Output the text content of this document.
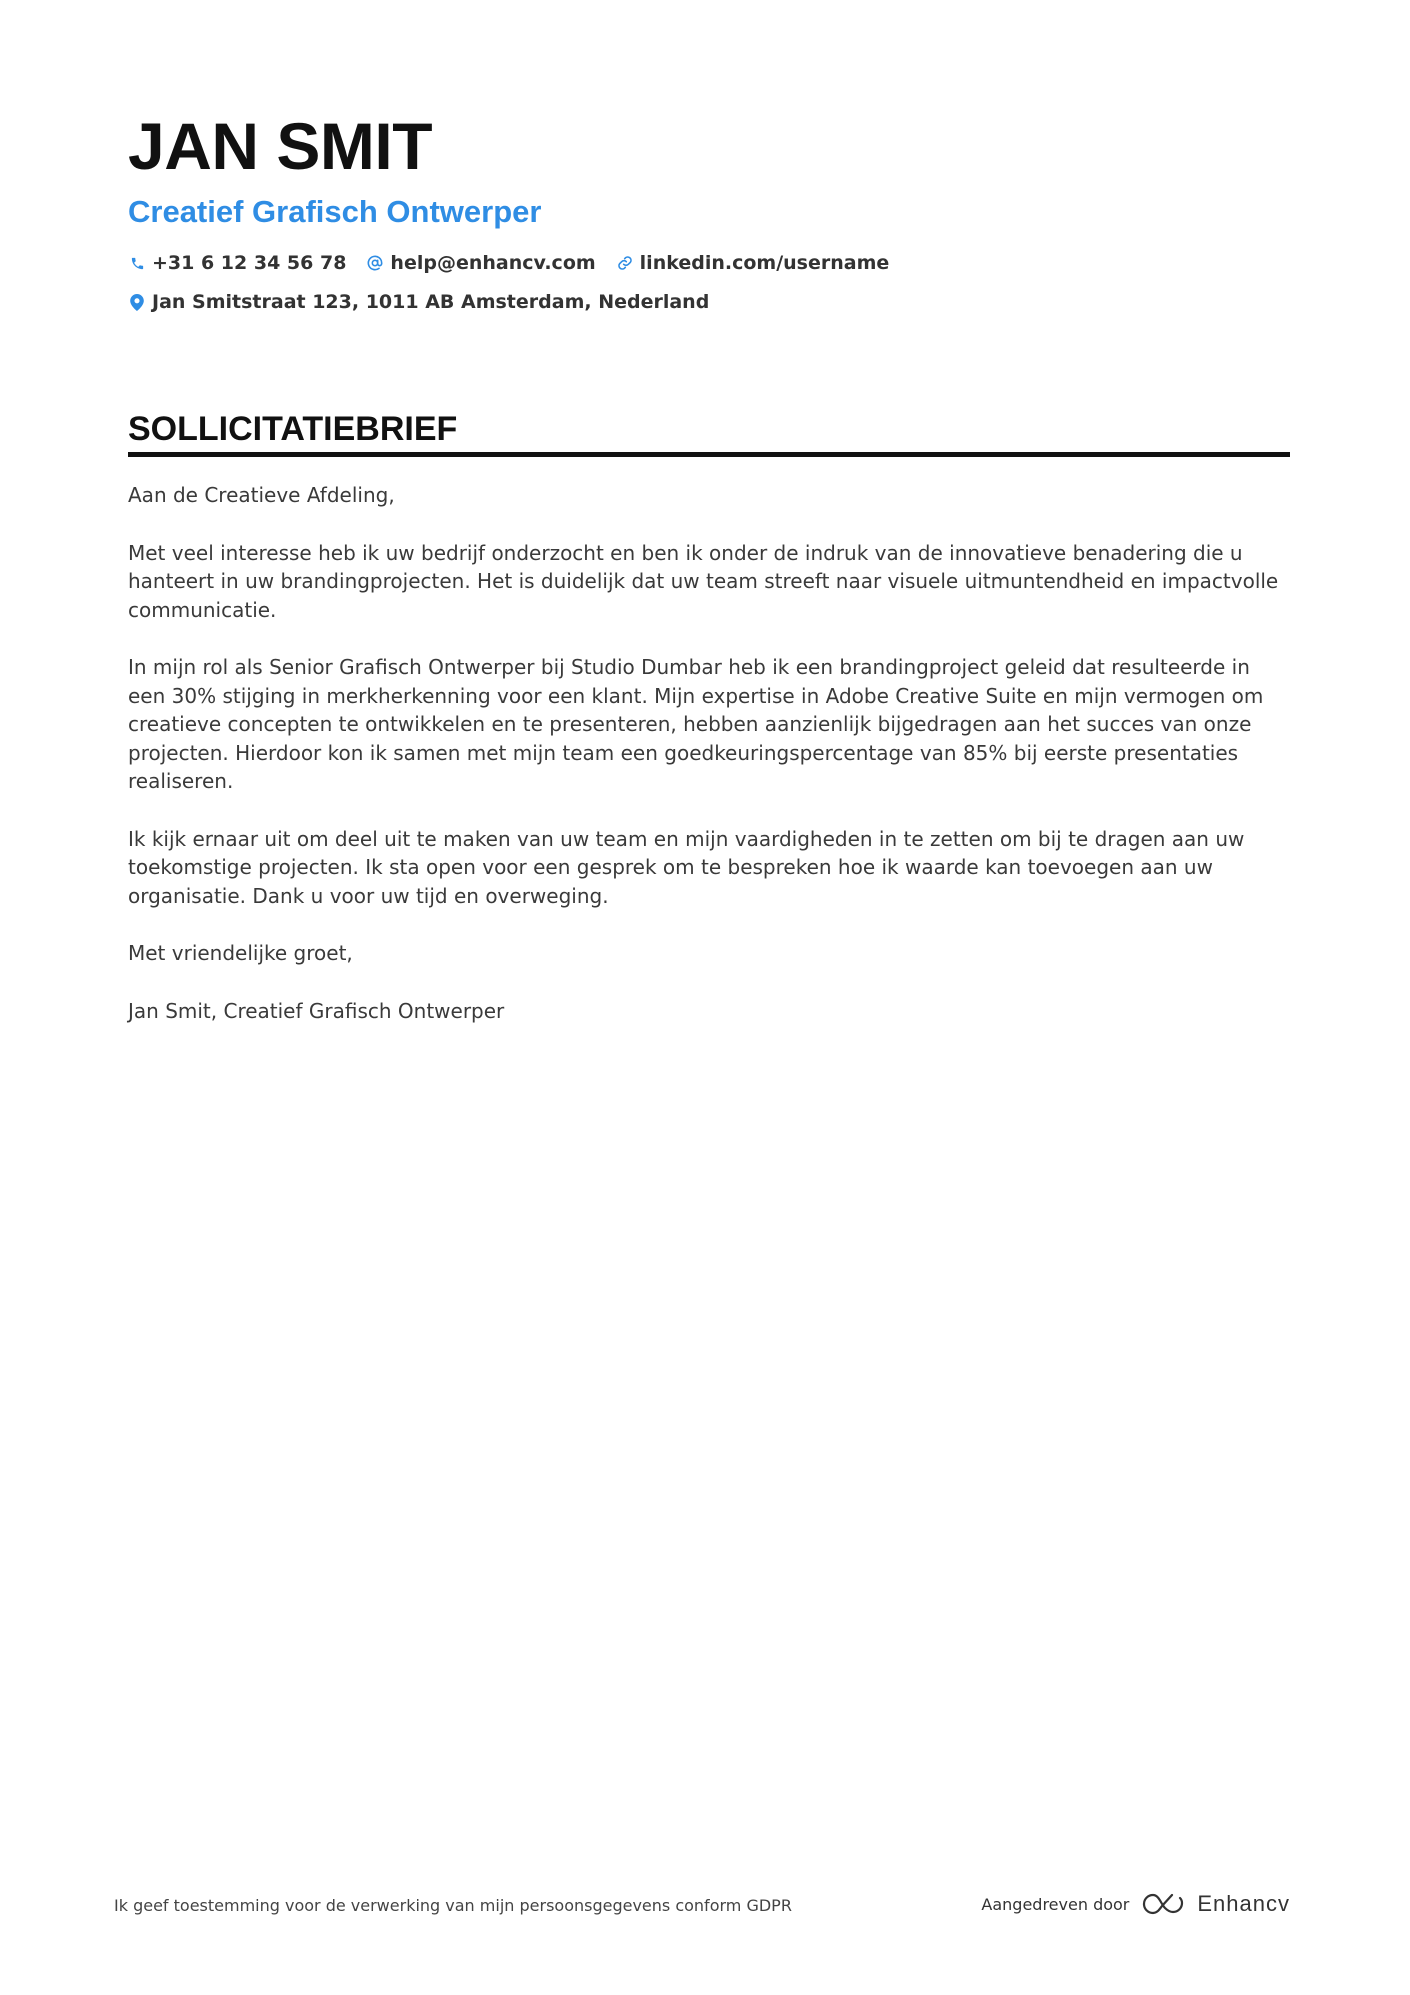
JAN SMIT
Creatief Grafisch Ontwerper
+31 6 12 34 56 78 help@enhancv.com linkedin.com/username
Jan Smitstraat 123, 1011 AB Amsterdam, Nederland
SOLLICITATIEBRIEF

Aan de Creatieve Afdeling,

Met veel interesse heb ik uw bedrijf onderzocht en ben ik onder de indruk van de innovatieve benadering die u hanteert in uw brandingprojecten. Het is duidelijk dat uw team streeft naar visuele uitmuntendheid en impactvolle communicatie.

In mijn rol als Senior Grafisch Ontwerper bij Studio Dumbar heb ik een brandingproject geleid dat resulteerde in een 30% stijging in merkherkenning voor een klant. Mijn expertise in Adobe Creative Suite en mijn vermogen om creatieve concepten te ontwikkelen en te presenteren, hebben aanzienlijk bijgedragen aan het succes van onze projecten. Hierdoor kon ik samen met mijn team een goedkeuringspercentage van 85% bij eerste presentaties realiseren.

Ik kijk ernaar uit om deel uit te maken van uw team en mijn vaardigheden in te zetten om bij te dragen aan uw toekomstige projecten. Ik sta open voor een gesprek om te bespreken hoe ik waarde kan toevoegen aan uw organisatie. Dank u voor uw tijd en overweging.

Met vriendelijke groet,

Jan Smit, Creatief Grafisch Ontwerper

Ik geef toestemming voor de verwerking van mijn persoonsgegevens conform GDPR	Aangedreven door	Enhancv
